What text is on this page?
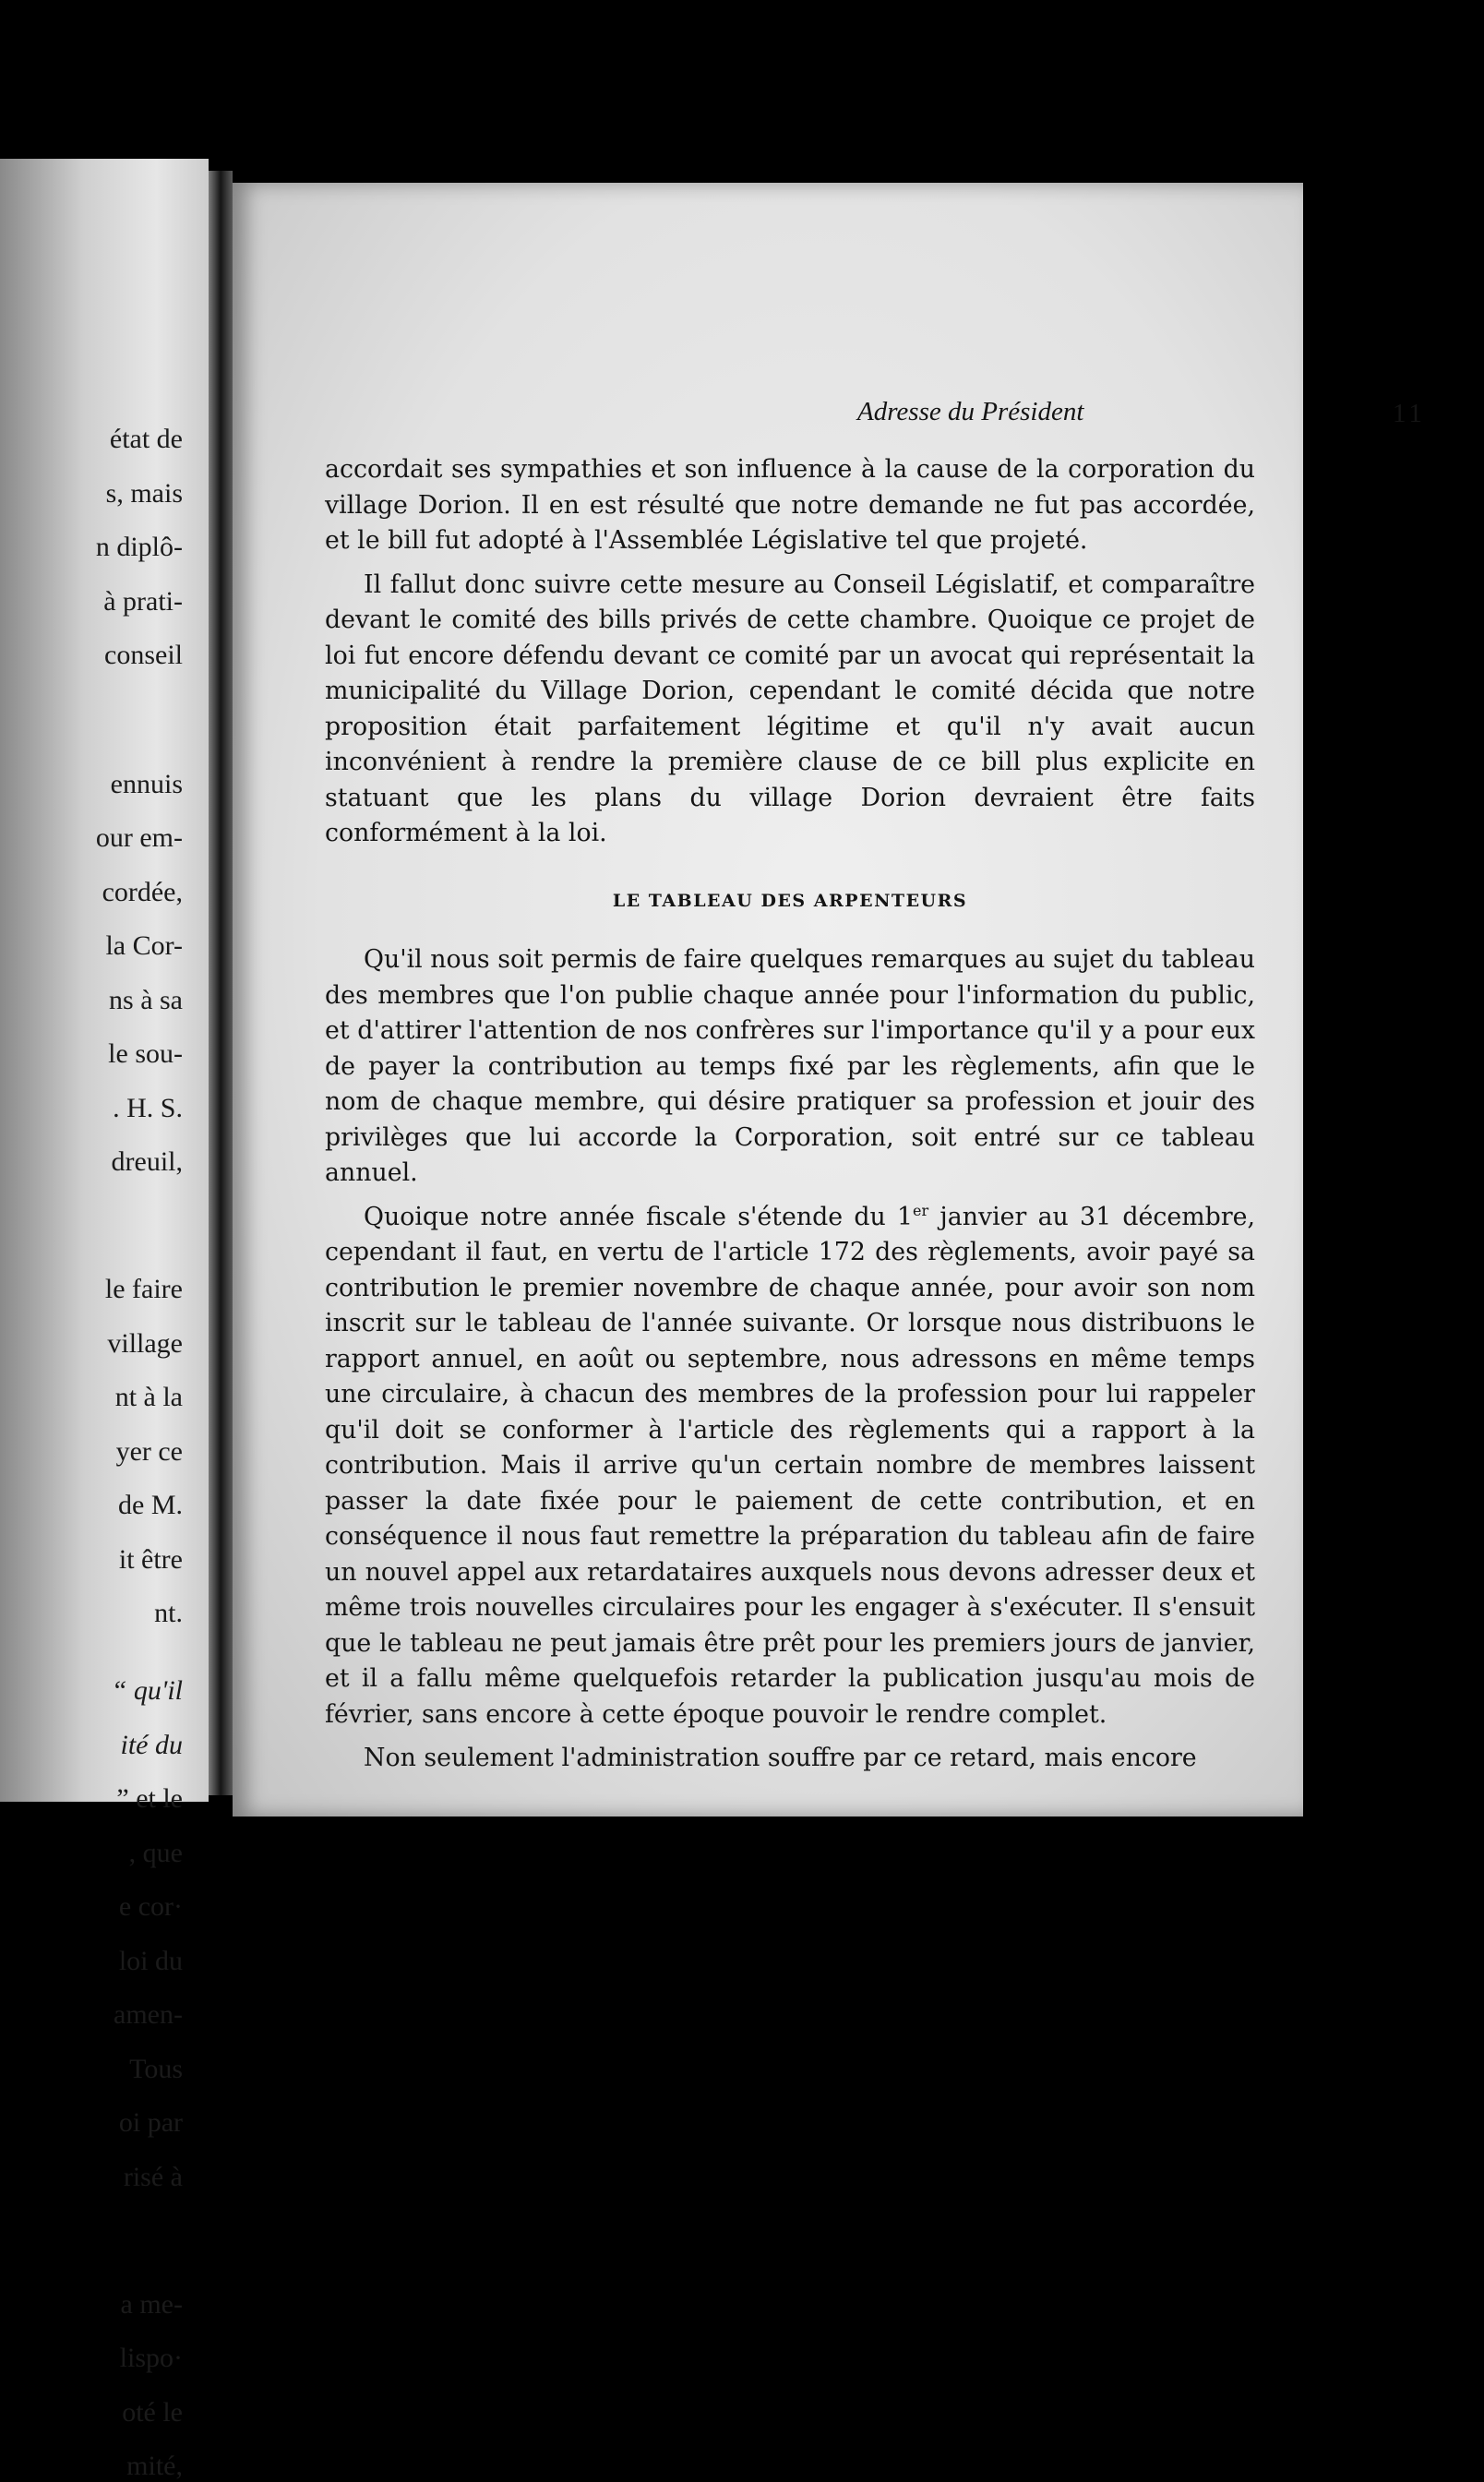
état de
s, mais
n diplô-
à prati-
conseil
ennuis
our em-
cordée,
la Cor-
ns à sa
le sou-
. H. S.
dreuil,
le faire
village
nt à la
yer ce
de M.
it être
nt.
“ qu'il
ité du
” et le
, que
e cor·
loi du
amen-
Tous
oi par
risé à
a me-
lispo·
oté le
mité,
Adresse du Président	11

accordait ses sympathies et son influence à la cause de la corporation du village Dorion. Il en est résulté que notre demande ne fut pas accordée, et le bill fut adopté à l'Assemblée Législative tel que projeté.

Il fallut donc suivre cette mesure au Conseil Législatif, et comparaître devant le comité des bills privés de cette chambre. Quoique ce projet de loi fut encore défendu devant ce comité par un avocat qui représentait la municipalité du Village Dorion, cependant le comité décida que notre proposition était parfaitement légitime et qu'il n'y avait aucun inconvénient à rendre la première clause de ce bill plus explicite en statuant que les plans du village Dorion devraient être faits conformément à la loi.

LE TABLEAU DES ARPENTEURS

Qu'il nous soit permis de faire quelques remarques au sujet du tableau des membres que l'on publie chaque année pour l'information du public, et d'attirer l'attention de nos confrères sur l'importance qu'il y a pour eux de payer la contribution au temps fixé par les règlements, afin que le nom de chaque membre, qui désire pratiquer sa profession et jouir des privilèges que lui accorde la Corporation, soit entré sur ce tableau annuel.

Quoique notre année fiscale s'étende du 1er janvier au 31 décembre, cependant il faut, en vertu de l'article 172 des règlements, avoir payé sa contribution le premier novembre de chaque année, pour avoir son nom inscrit sur le tableau de l'année suivante. Or lorsque nous distribuons le rapport annuel, en août ou septembre, nous adressons en même temps une circulaire, à chacun des membres de la profession pour lui rappeler qu'il doit se conformer à l'article des règlements qui a rapport à la contribution. Mais il arrive qu'un certain nombre de membres laissent passer la date fixée pour le paiement de cette contribution, et en conséquence il nous faut remettre la préparation du tableau afin de faire un nouvel appel aux retardataires auxquels nous devons adresser deux et même trois nouvelles circulaires pour les engager à s'exécuter. Il s'ensuit que le tableau ne peut jamais être prêt pour les premiers jours de janvier, et il a fallu même quelquefois retarder la publication jusqu'au mois de février, sans encore à cette époque pouvoir le rendre complet.

Non seulement l'administration souffre par ce retard, mais encore
